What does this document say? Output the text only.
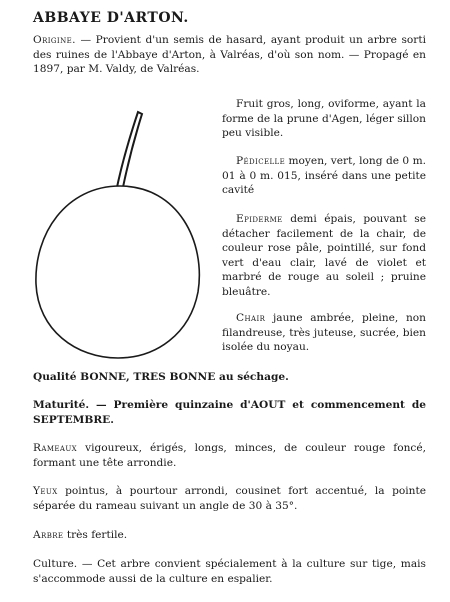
ABBAYE D'ARTON.

Origine. — Provient d'un semis de hasard, ayant produit un arbre sorti des ruines de l'Abbaye d'Arton, à Valréas, d'où son nom. — Propagé en 1897, par M. Valdy, de Valréas.

Fruit gros, long, oviforme, ayant la forme de la prune d'Agen, léger sillon peu visible.

Pédicelle moyen, vert, long de 0 m. 01 à 0 m. 015, inséré dans une petite cavité

Epiderme demi épais, pouvant se détacher facilement de la chair, de couleur rose pâle, pointillé, sur fond vert d'eau clair, lavé de violet et marbré de rouge au soleil ; pruine bleuâtre.

Chair jaune ambrée, pleine, non filandreuse, très juteuse, sucrée, bien isolée du noyau.

Qualité BONNE, TRES BONNE au séchage.

Maturité. — Première quinzaine d'AOUT et commencement de SEPTEMBRE.

Rameaux vigoureux, érigés, longs, minces, de couleur rouge foncé, formant une tête arrondie.

Yeux pointus, à pourtour arrondi, cousinet fort accentué, la pointe séparée du rameau suivant un angle de 30 à 35°.

Arbre très fertile.

Culture. — Cet arbre convient spécialement à la culture sur tige, mais s'accommode aussi de la culture en espalier.
